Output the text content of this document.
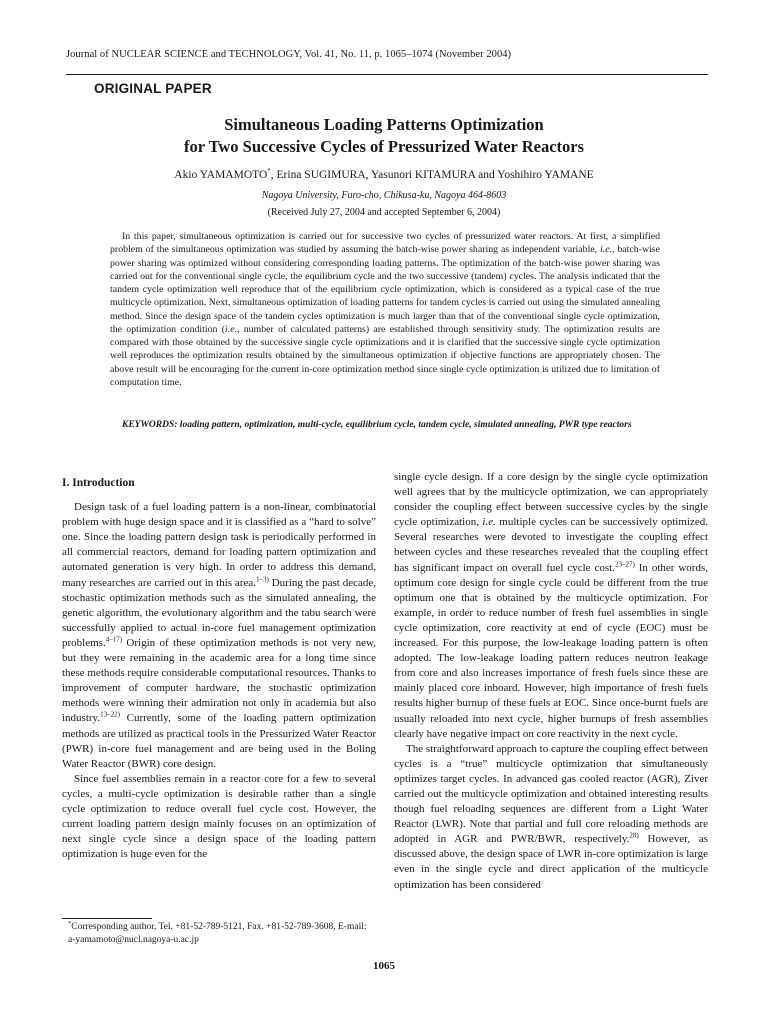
Journal of NUCLEAR SCIENCE and TECHNOLOGY, Vol. 41, No. 11, p. 1065–1074 (November 2004)
ORIGINAL PAPER
Simultaneous Loading Patterns Optimization
for Two Successive Cycles of Pressurized Water Reactors
Akio YAMAMOTO*, Erina SUGIMURA, Yasunori KITAMURA and Yoshihiro YAMANE
Nagoya University, Furo-cho, Chikusa-ku, Nagoya 464-8603
(Received July 27, 2004 and accepted September 6, 2004)
In this paper, simultaneous optimization is carried out for successive two cycles of pressurized water reactors. At first, a simplified problem of the simultaneous optimization was studied by assuming the batch-wise power sharing as independent variable, i.e., batch-wise power sharing was optimized without considering corresponding loading patterns. The optimization of the batch-wise power sharing was carried out for the conventional single cycle, the equilibrium cycle and the two successive (tandem) cycles. The analysis indicated that the tandem cycle optimization well reproduce that of the equilibrium cycle optimization, which is considered as a typical case of the true multicycle optimization. Next, simultaneous optimization of loading patterns for tandem cycles is carried out using the simulated annealing method. Since the design space of the tandem cycles optimization is much larger than that of the conventional single cycle optimization, the optimization condition (i.e., number of calculated patterns) are established through sensitivity study. The optimization results are compared with those obtained by the successive single cycle optimizations and it is clarified that the successive single cycle optimization well reproduces the optimization results obtained by the simultaneous optimization if objective functions are appropriately chosen. The above result will be encouraging for the current in-core optimization method since single cycle optimization is utilized due to limitation of computation time.
KEYWORDS: loading pattern, optimization, multi-cycle, equilibrium cycle, tandem cycle, simulated annealing, PWR type reactors
I. Introduction

Design task of a fuel loading pattern is a non-linear, combinatorial problem with huge design space and it is classified as a “hard to solve” one. Since the loading pattern design task is periodically performed in all commercial reactors, demand for loading pattern optimization and automated generation is very high. In order to address this demand, many researches are carried out in this area.$^{1-3)}$ During the past decade, stochastic optimization methods such as the simulated annealing, the genetic algorithm, the evolutionary algorithm and the tabu search were successfully applied to actual in-core fuel management optimization problems.$^{4-17)}$ Origin of these optimization methods is not very new, but they were remaining in the academic area for a long time since these methods require considerable computational resources. Thanks to improvement of computer hardware, the stochastic optimization methods were winning their admiration not only in academia but also industry.$^{13-22)}$ Currently, some of the loading pattern optimization methods are utilized as practical tools in the Pressurized Water Reactor (PWR) in-core fuel management and are being used in the Boling Water Reactor (BWR) core design.

Since fuel assemblies remain in a reactor core for a few to several cycles, a multi-cycle optimization is desirable rather than a single cycle optimization to reduce overall fuel cycle cost. However, the current loading pattern design mainly focuses on an optimization of next single cycle since a design space of the loading pattern optimization is huge even for the

single cycle design. If a core design by the single cycle optimization well agrees that by the multicycle optimization, we can appropriately consider the coupling effect between successive cycles by the single cycle optimization, i.e. multiple cycles can be successively optimized. Several researches were devoted to investigate the coupling effect between cycles and these researches revealed that the coupling effect has significant impact on overall fuel cycle cost.$^{23-27)}$ In other words, optimum core design for single cycle could be different from the true optimum one that is obtained by the multicycle optimization. For example, in order to reduce number of fresh fuel assemblies in single cycle optimization, core reactivity at end of cycle (EOC) must be increased. For this purpose, the low-leakage loading pattern is often adopted. The low-leakage loading pattern reduces neutron leakage from core and also increases importance of fresh fuels since these are mainly placed core inboard. However, high importance of fresh fuels results higher burnup of these fuels at EOC. Since once-burnt fuels are usually reloaded into next cycle, higher burnups of fresh assemblies clearly have negative impact on core reactivity in the next cycle.

The straightforward approach to capture the coupling effect between cycles is a “true” multicycle optimization that simultaneously optimizes target cycles. In advanced gas cooled reactor (AGR), Ziver carried out the multicycle optimization and obtained interesting results though fuel reloading sequences are different from a Light Water Reactor (LWR). Note that partial and full core reloading methods are adopted in AGR and PWR/BWR, respectively.$^{28)}$ However, as discussed above, the design space of LWR in-core optimization is large even in the single cycle and direct application of the multicycle optimization has been considered

*Corresponding author, Tel. +81-52-789-5121, Fax. +81-52-789-3608, E-mail: a-yamamoto@nucl.nagoya-u.ac.jp
1065
